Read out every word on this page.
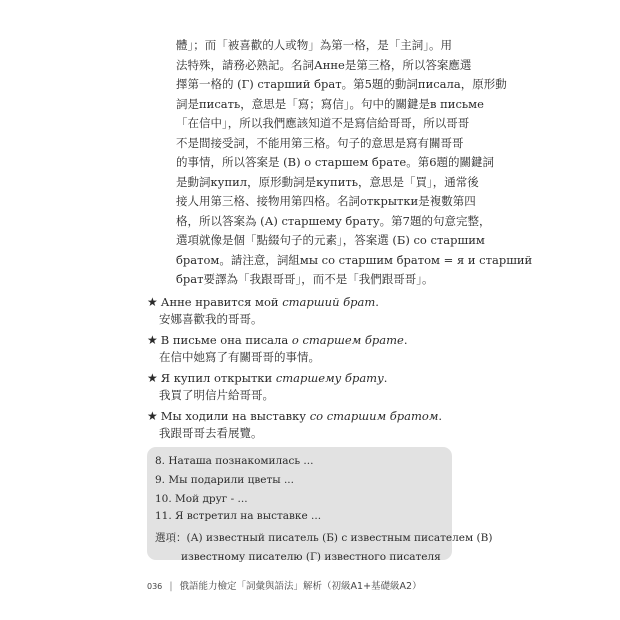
體」；而「被喜歡的人或物」為第一格，是「主詞」。用
法特殊，請務必熟記。名詞Анне是第三格，所以答案應選
擇第一格的 (Г) старший брат。第5題的動詞писала，原形動
詞是писать，意思是「寫；寫信」。句中的關鍵是в письме
「在信中」，所以我們應該知道不是寫信給哥哥，所以哥哥
不是間接受詞，不能用第三格。句子的意思是寫有關哥哥
的事情，所以答案是 (В) о старшем брате。第6題的關鍵詞
是動詞купил，原形動詞是купить，意思是「買」，通常後
接人用第三格、接物用第四格。名詞открытки是複數第四
格，所以答案為 (А) старшему брату。第7題的句意完整，
選項就像是個「點綴句子的元素」，答案選 (Б) со старшим
братом。請注意，詞組мы со старшим братом = я и старший
брат要譯為「我跟哥哥」，而不是「我們跟哥哥」。
★ Анне нравится мой старший брат.
安娜喜歡我的哥哥。
★ В письме она писала о старшем брате.
在信中她寫了有關哥哥的事情。
★ Я купил открытки старшему брату.
我買了明信片給哥哥。
★ Мы ходили на выставку со старшим братом.
我跟哥哥去看展覽。
8. Наташа познакомилась ...
9. Мы подарили цветы ...
10. Мой друг - ...
11. Я встретил на выставке ...
選項：(А) известный писатель (Б) с известным писателем (В)
известному писателю (Г) известного писателя
036 | 俄語能力檢定「詞彙與語法」解析（初級A1+基礎級A2）
